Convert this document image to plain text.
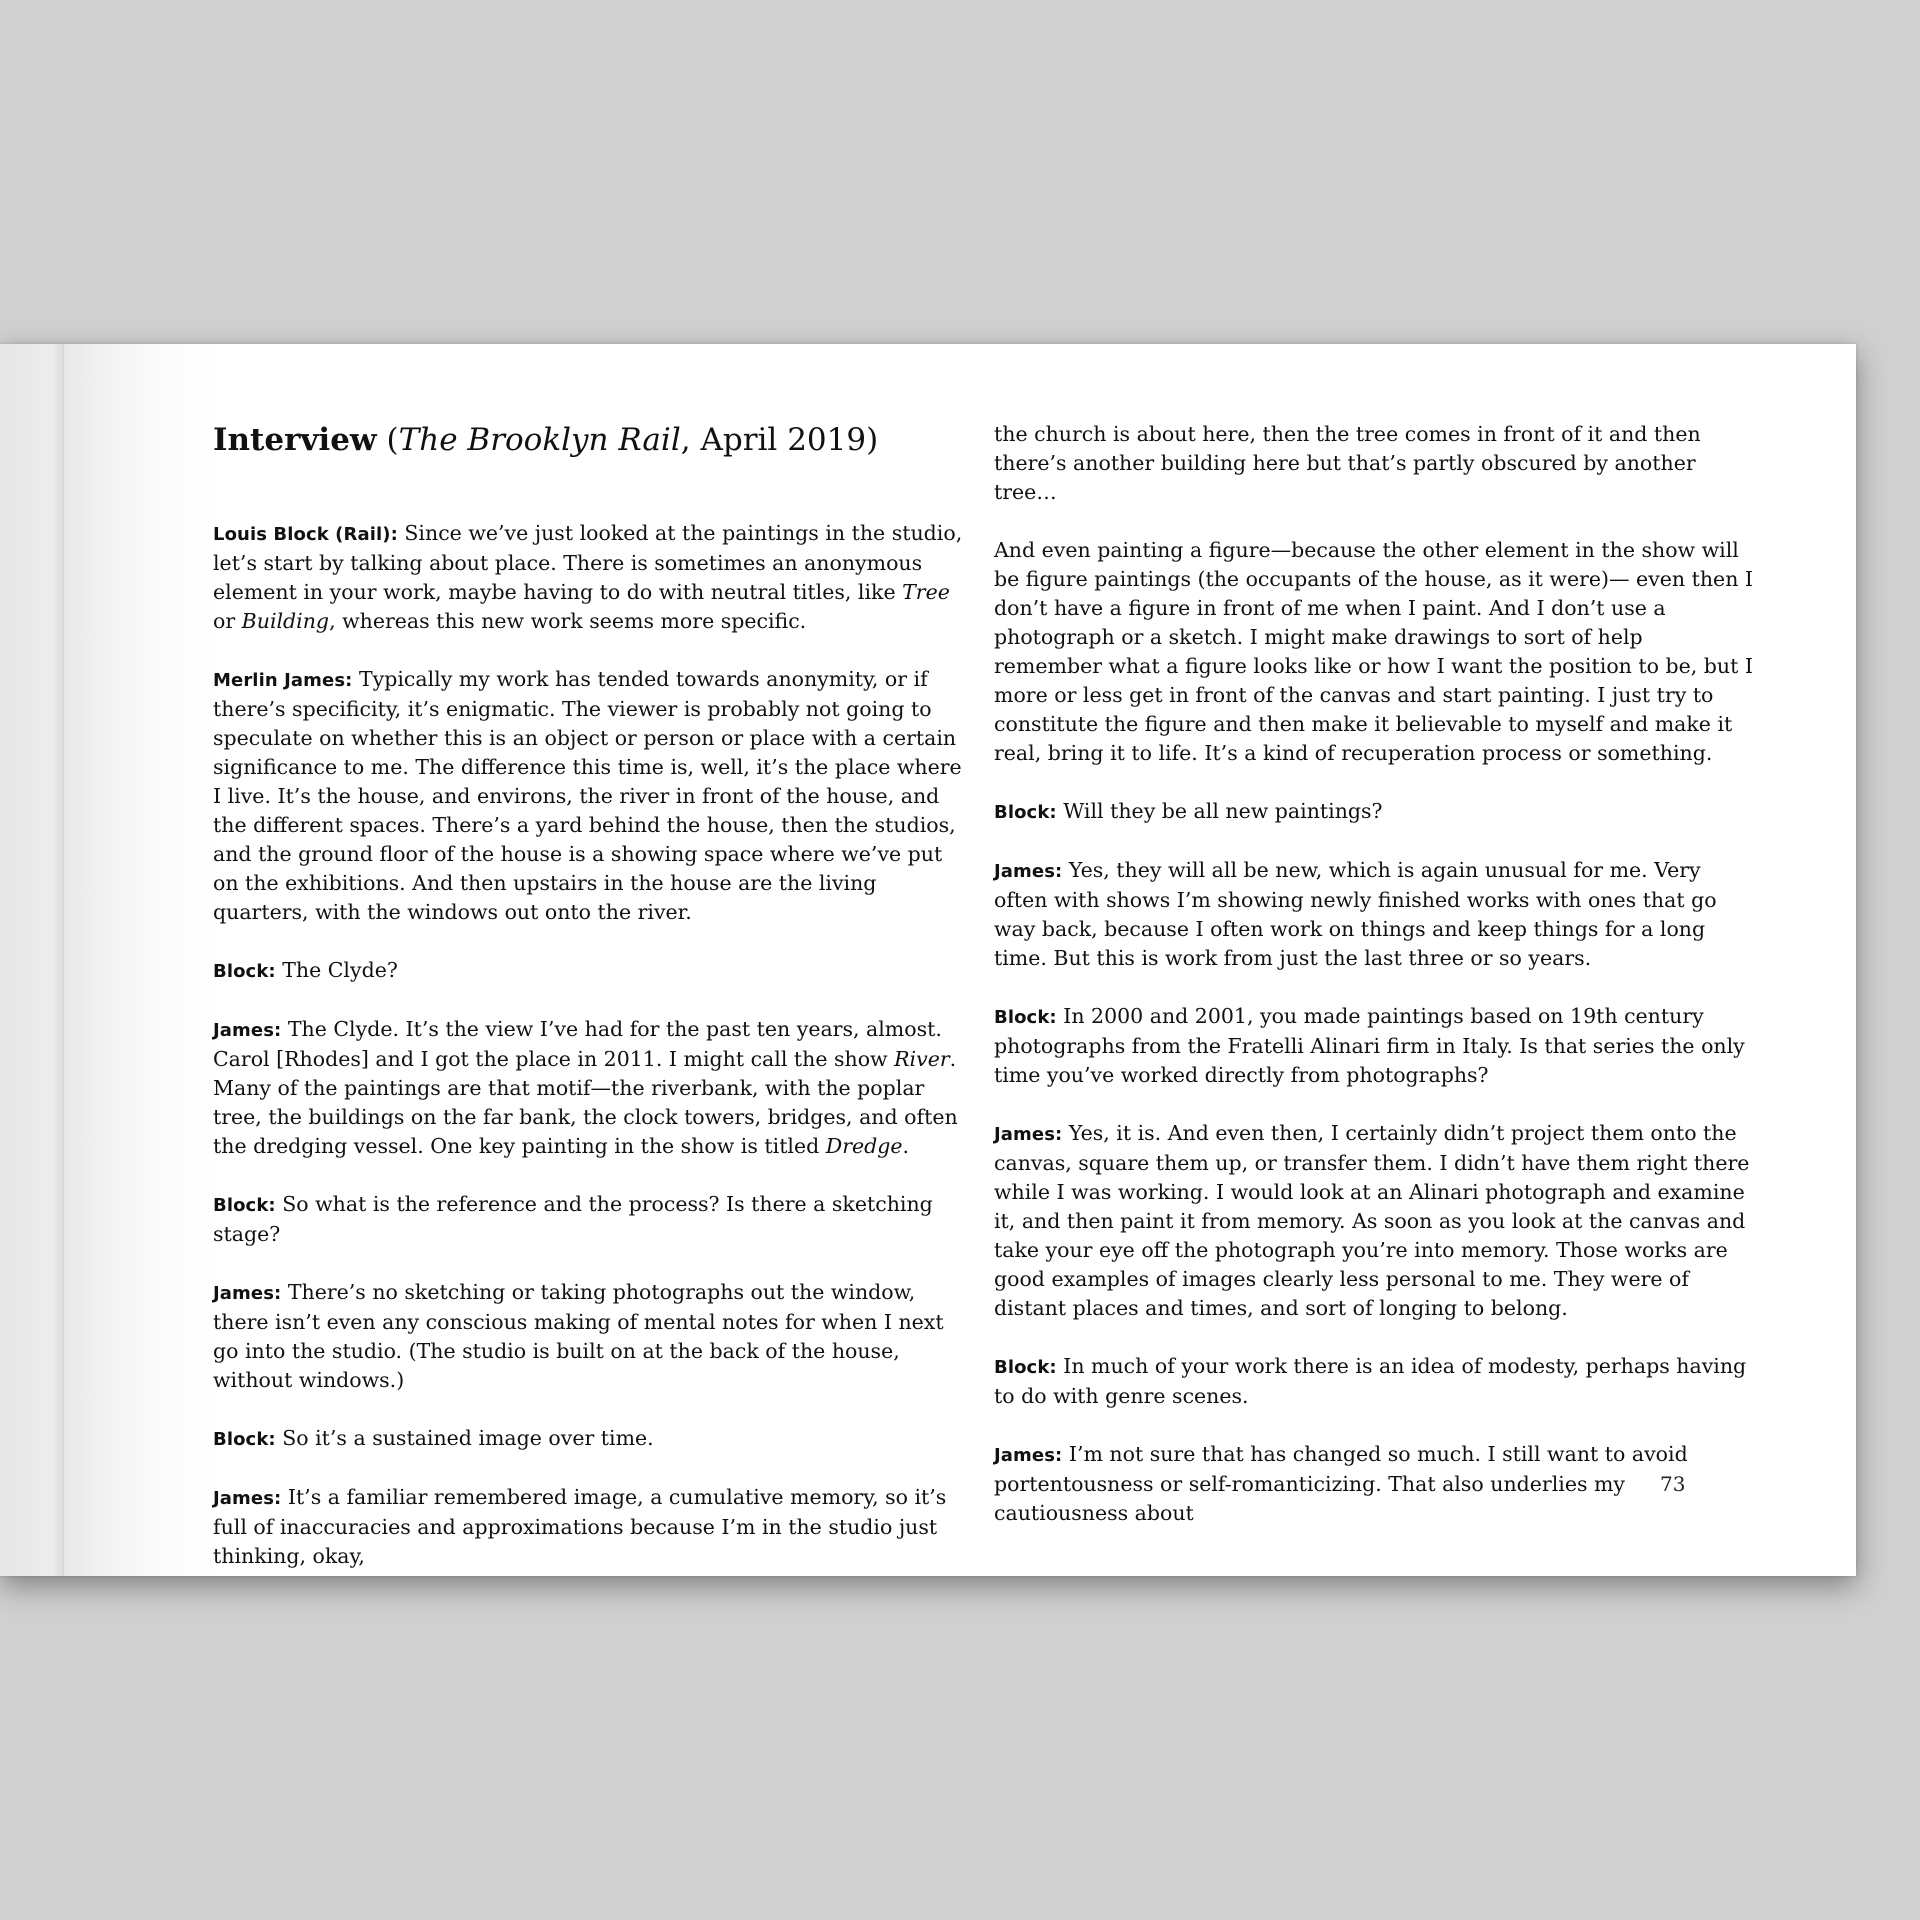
Interview (The Brooklyn Rail, April 2019)

Louis Block (Rail): Since we’ve just looked at the paintings in the studio, let’s start by talking about place. There is sometimes an anonymous element in your work, maybe having to do with neutral titles, like Tree or Building, whereas this new work seems more specific.

Merlin James: Typically my work has tended towards anonymity, or if there’s specificity, it’s enigmatic. The viewer is probably not going to speculate on whether this is an object or person or place with a certain significance to me. The difference this time is, well, it’s the place where I live. It’s the house, and environs, the river in front of the house, and the different spaces. There’s a yard behind the house, then the studios, and the ground floor of the house is a showing space where we’ve put on the exhibitions. And then upstairs in the house are the living quarters, with the windows out onto the river.

Block: The Clyde?

James: The Clyde. It’s the view I’ve had for the past ten years, almost. Carol [Rhodes] and I got the place in 2011. I might call the show River. Many of the paintings are that motif—the riverbank, with the poplar tree, the buildings on the far bank, the clock towers, bridges, and often the dredging vessel. One key painting in the show is titled Dredge.

Block: So what is the reference and the process? Is there a sketching stage?

James: There’s no sketching or taking photographs out the window, there isn’t even any conscious making of mental notes for when I next go into the studio. (The studio is built on at the back of the house, without windows.)

Block: So it’s a sustained image over time.

James: It’s a familiar remembered image, a cumulative memory, so it’s full of inaccuracies and approximations because I’m in the studio just thinking, okay,

the church is about here, then the tree comes in front of it and then there’s another building here but that’s partly obscured by another tree…

And even painting a figure—because the other element in the show will be figure paintings (the occupants of the house, as it were)— even then I don’t have a figure in front of me when I paint. And I don’t use a photograph or a sketch. I might make drawings to sort of help remember what a figure looks like or how I want the position to be, but I more or less get in front of the canvas and start painting. I just try to constitute the figure and then make it believable to myself and make it real, bring it to life. It’s a kind of recuperation process or something.

Block: Will they be all new paintings?

James: Yes, they will all be new, which is again unusual for me. Very often with shows I’m showing newly finished works with ones that go way back, because I often work on things and keep things for a long time. But this is work from just the last three or so years.

Block: In 2000 and 2001, you made paintings based on 19th century photographs from the Fratelli Alinari firm in Italy. Is that series the only time you’ve worked directly from photographs?

James: Yes, it is. And even then, I certainly didn’t project them onto the canvas, square them up, or transfer them. I didn’t have them right there while I was working. I would look at an Alinari photograph and examine it, and then paint it from memory. As soon as you look at the canvas and take your eye off the photograph you’re into memory. Those works are good examples of images clearly less personal to me. They were of distant places and times, and sort of longing to belong.

Block: In much of your work there is an idea of modesty, perhaps having to do with genre scenes.

James: I’m not sure that has changed so much. I still want to avoid portentousness or self-romanticizing. That also underlies my cautiousness about

73
